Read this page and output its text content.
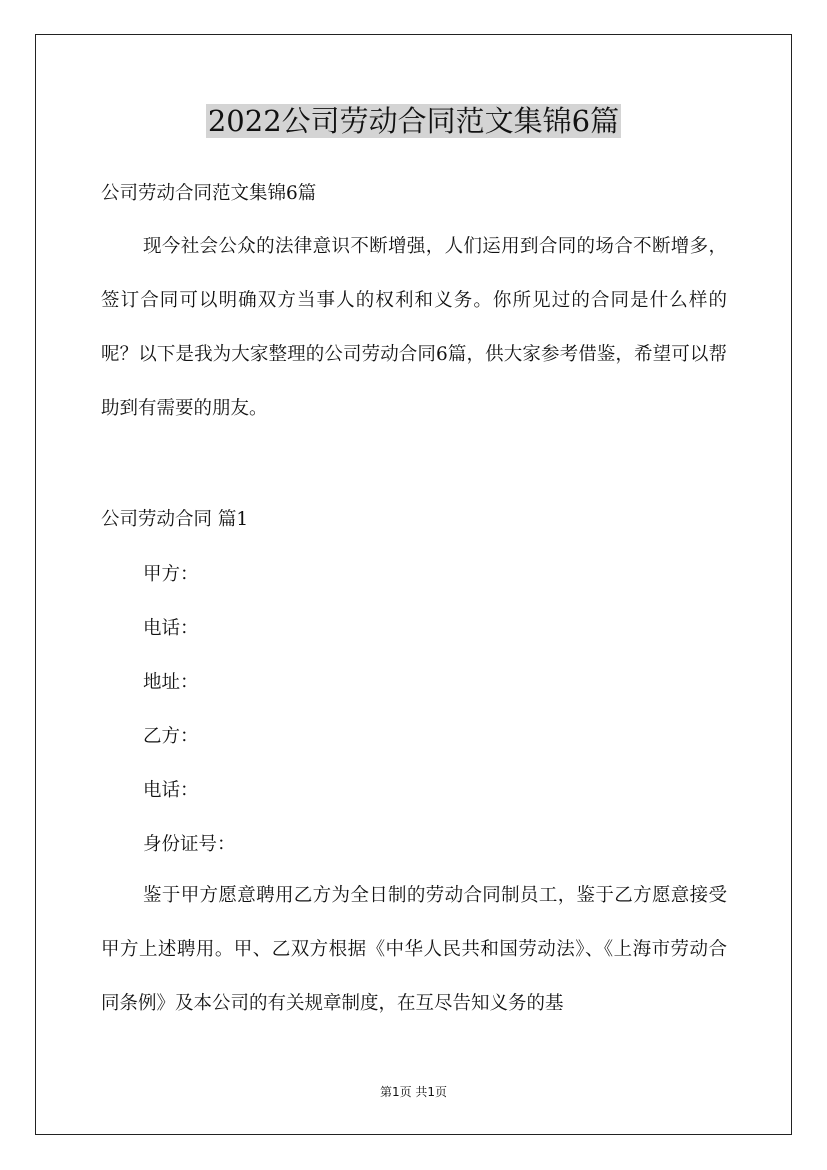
2022公司劳动合同范文集锦6篇
公司劳动合同范文集锦6篇

现今社会公众的法律意识不断增强，人们运用到合同的场合不断增多，签订合同可以明确双方当事人的权利和义务。你所见过的合同是什么样的呢？以下是我为大家整理的公司劳动合同6篇，供大家参考借鉴，希望可以帮助到有需要的朋友。

公司劳动合同 篇1
甲方：
电话：
地址：
乙方：
电话：
身份证号：

鉴于甲方愿意聘用乙方为全日制的劳动合同制员工，鉴于乙方愿意接受甲方上述聘用。甲、乙双方根据《中华人民共和国劳动法》、《上海市劳动合同条例》及本公司的有关规章制度，在互尽告知义务的基

第1页 共1页
